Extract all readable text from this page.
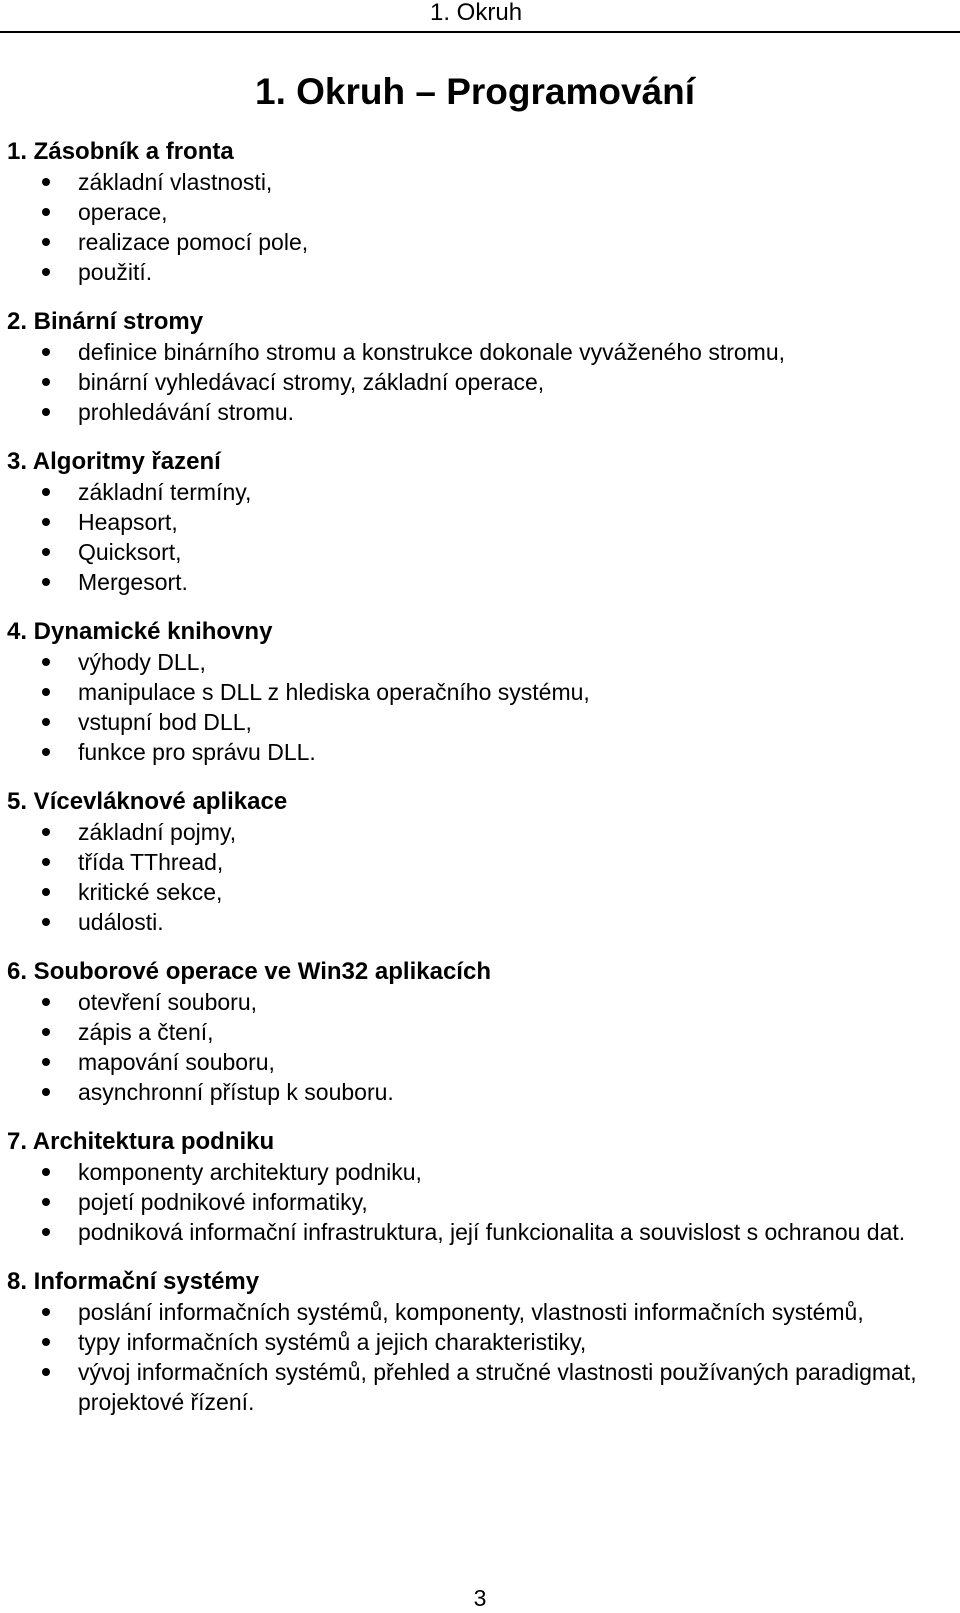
1. Okruh
1. Okruh – Programování
1. Zásobník a fronta
základní vlastnosti,
operace,
realizace pomocí pole,
použití.
2. Binární stromy
definice binárního stromu a konstrukce dokonale vyváženého stromu,
binární vyhledávací stromy, základní operace,
prohledávání stromu.
3. Algoritmy řazení
základní termíny,
Heapsort,
Quicksort,
Mergesort.
4. Dynamické knihovny
výhody DLL,
manipulace s DLL z hlediska operačního systému,
vstupní bod DLL,
funkce pro správu DLL.
5. Vícevláknové aplikace
základní pojmy,
třída TThread,
kritické sekce,
události.
6. Souborové operace ve Win32 aplikacích
otevření souboru,
zápis a čtení,
mapování souboru,
asynchronní přístup k souboru.
7. Architektura podniku
komponenty architektury podniku,
pojetí podnikové informatiky,
podniková informační infrastruktura, její funkcionalita a souvislost s ochranou dat.
8. Informační systémy
poslání informačních systémů, komponenty, vlastnosti informačních systémů,
typy informačních systémů a jejich charakteristiky,
vývoj informačních systémů, přehled a stručné vlastnosti používaných paradigmat, projektové řízení.
3
